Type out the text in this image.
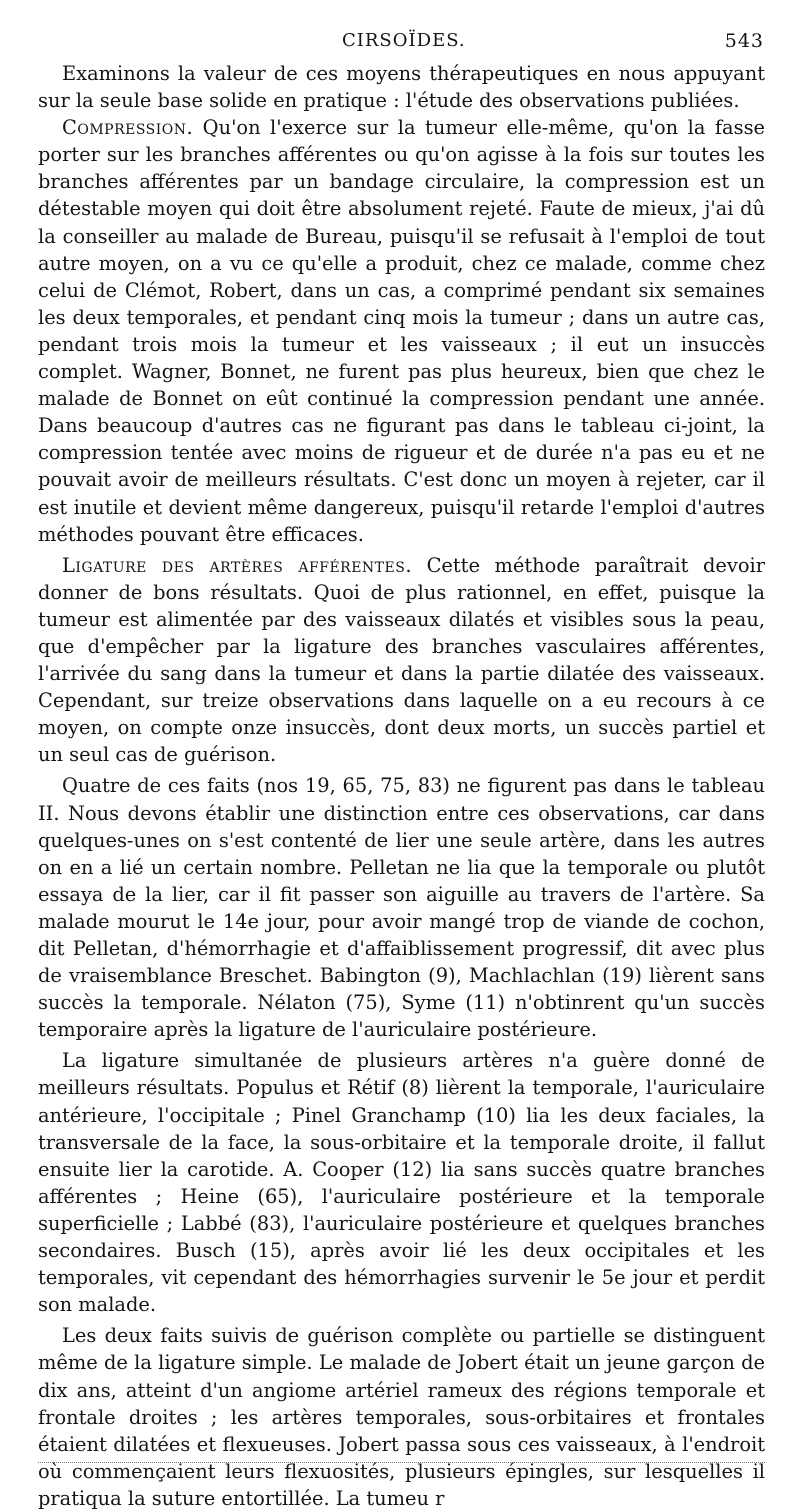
CIRSOÏDES.	543

Examinons la valeur de ces moyens thérapeutiques en nous appuyant sur la seule base solide en pratique : l'étude des observations publiées.

Compression. Qu'on l'exerce sur la tumeur elle-même, qu'on la fasse porter sur les branches afférentes ou qu'on agisse à la fois sur toutes les branches afférentes par un bandage circulaire, la compression est un détestable moyen qui doit être absolument rejeté. Faute de mieux, j'ai dû la conseiller au malade de Bureau, puisqu'il se refusait à l'emploi de tout autre moyen, on a vu ce qu'elle a produit, chez ce malade, comme chez celui de Clémot, Robert, dans un cas, a comprimé pendant six semaines les deux temporales, et pendant cinq mois la tumeur ; dans un autre cas, pendant trois mois la tumeur et les vaisseaux ; il eut un insuccès complet. Wagner, Bonnet, ne furent pas plus heureux, bien que chez le malade de Bonnet on eût continué la compression pendant une année. Dans beaucoup d'autres cas ne figurant pas dans le tableau ci-joint, la compression tentée avec moins de rigueur et de durée n'a pas eu et ne pouvait avoir de meilleurs résultats. C'est donc un moyen à rejeter, car il est inutile et devient même dangereux, puisqu'il retarde l'emploi d'autres méthodes pouvant être efficaces.

Ligature des artères afférentes. Cette méthode paraîtrait devoir donner de bons résultats. Quoi de plus rationnel, en effet, puisque la tumeur est alimentée par des vaisseaux dilatés et visibles sous la peau, que d'empêcher par la ligature des branches vasculaires afférentes, l'arrivée du sang dans la tumeur et dans la partie dilatée des vaisseaux. Cependant, sur treize observations dans laquelle on a eu recours à ce moyen, on compte onze insuccès, dont deux morts, un succès partiel et un seul cas de guérison.

Quatre de ces faits (nos 19, 65, 75, 83) ne figurent pas dans le tableau II. Nous devons établir une distinction entre ces observations, car dans quelques-unes on s'est contenté de lier une seule artère, dans les autres on en a lié un certain nombre. Pelletan ne lia que la temporale ou plutôt essaya de la lier, car il fit passer son aiguille au travers de l'artère. Sa malade mourut le 14e jour, pour avoir mangé trop de viande de cochon, dit Pelletan, d'hémorrhagie et d'affaiblissement progressif, dit avec plus de vraisemblance Breschet. Babington (9), Machlachlan (19) lièrent sans succès la temporale. Nélaton (75), Syme (11) n'obtinrent qu'un succès temporaire après la ligature de l'auriculaire postérieure.

La ligature simultanée de plusieurs artères n'a guère donné de meilleurs résultats. Populus et Rétif (8) lièrent la temporale, l'auriculaire antérieure, l'occipitale ; Pinel Granchamp (10) lia les deux faciales, la transversale de la face, la sous-orbitaire et la temporale droite, il fallut ensuite lier la carotide. A. Cooper (12) lia sans succès quatre branches afférentes ; Heine (65), l'auriculaire postérieure et la temporale superficielle ; Labbé (83), l'auriculaire postérieure et quelques branches secondaires. Busch (15), après avoir lié les deux occipitales et les temporales, vit cependant des hémorrhagies survenir le 5e jour et perdit son malade.

Les deux faits suivis de guérison complète ou partielle se distinguent même de la ligature simple. Le malade de Jobert était un jeune garçon de dix ans, atteint d'un angiome artériel rameux des régions temporale et frontale droites ; les artères temporales, sous-orbitaires et frontales étaient dilatées et flexueuses. Jobert passa sous ces vaisseaux, à l'endroit où commençaient leurs flexuosités, plusieurs épingles, sur lesquelles il pratiqua la suture entortillée. La tumeu r
